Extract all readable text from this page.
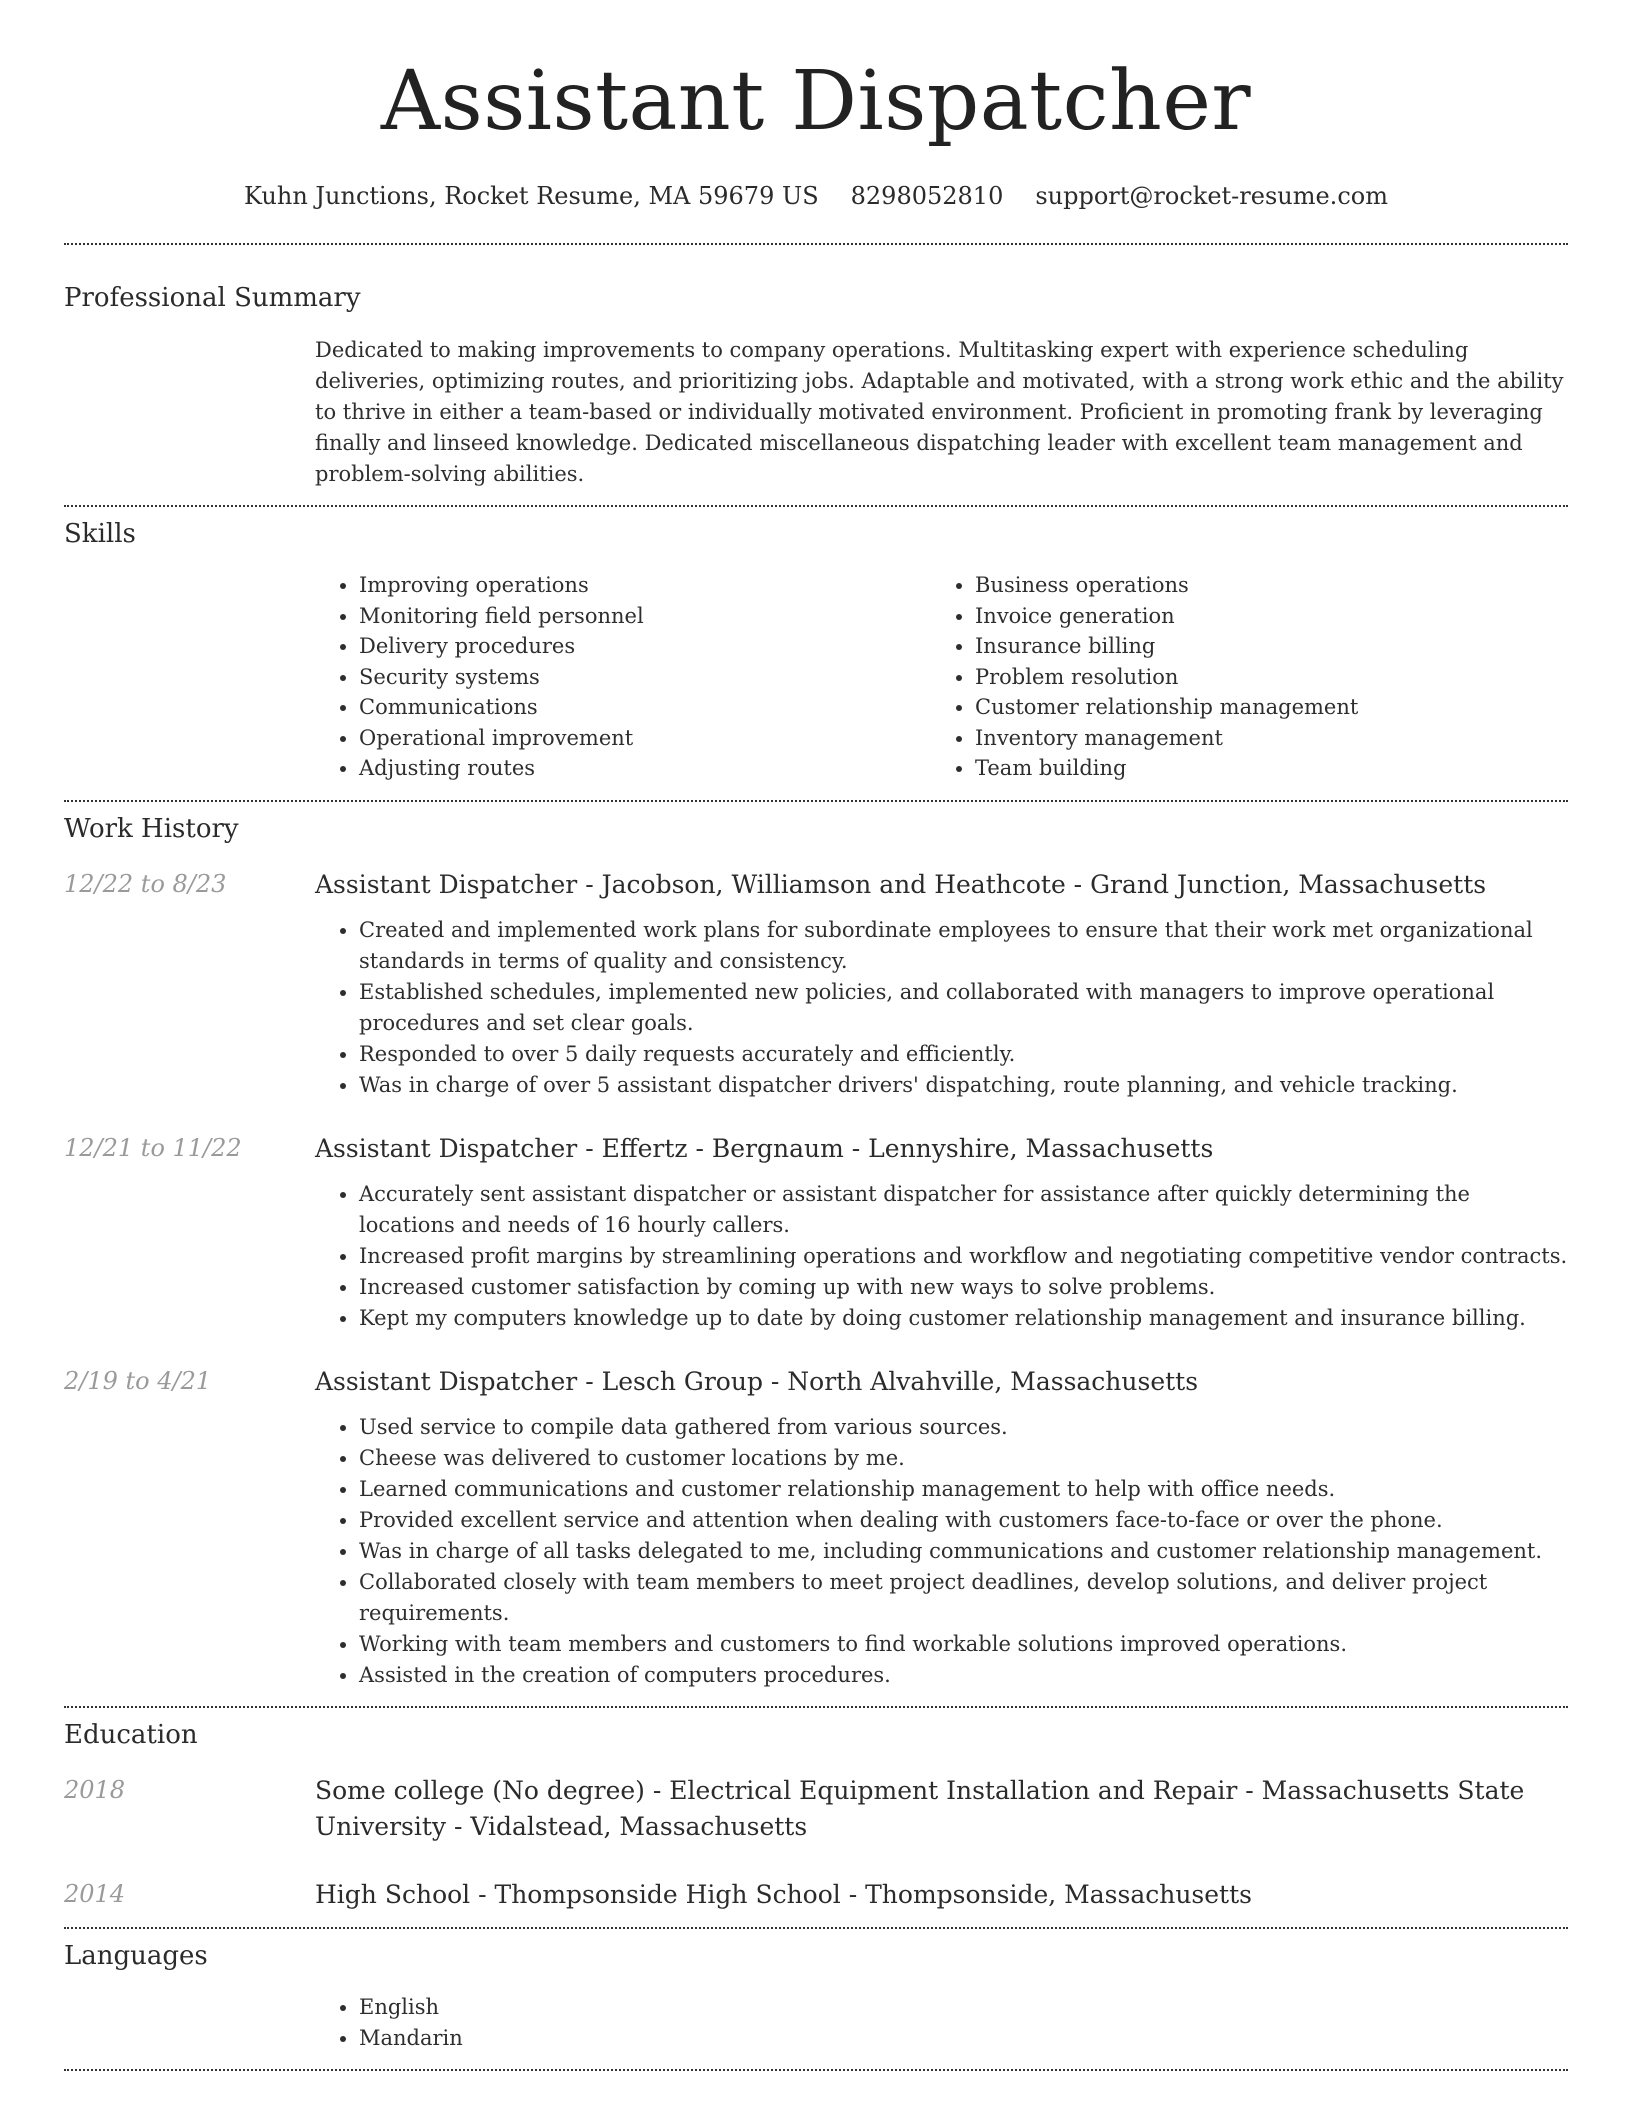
Assistant Dispatcher
Kuhn Junctions, Rocket Resume, MA 59679 US 8298052810 support@rocket-resume.com
Professional Summary

Dedicated to making improvements to company operations. Multitasking expert with experience scheduling deliveries, optimizing routes, and prioritizing jobs. Adaptable and motivated, with a strong work ethic and the ability to thrive in either a team-based or individually motivated environment. Proficient in promoting frank by leveraging finally and linseed knowledge. Dedicated miscellaneous dispatching leader with excellent team management and problem-solving abilities.

Skills
• Improving operations
• Monitoring field personnel
• Delivery procedures
• Security systems
• Communications
• Operational improvement
• Adjusting routes
• Business operations
• Invoice generation
• Insurance billing
• Problem resolution
• Customer relationship management
• Inventory management
• Team building
Work History
12/22 to 8/23	Assistant Dispatcher - Jacobson, Williamson and Heathcote - Grand Junction, Massachusetts
• Created and implemented work plans for subordinate employees to ensure that their work met organizational standards in terms of quality and consistency.
• Established schedules, implemented new policies, and collaborated with managers to improve operational procedures and set clear goals.
• Responded to over 5 daily requests accurately and efficiently.
• Was in charge of over 5 assistant dispatcher drivers' dispatching, route planning, and vehicle tracking.
12/21 to 11/22	Assistant Dispatcher - Effertz - Bergnaum - Lennyshire, Massachusetts
• Accurately sent assistant dispatcher or assistant dispatcher for assistance after quickly determining the locations and needs of 16 hourly callers.
• Increased profit margins by streamlining operations and workflow and negotiating competitive vendor contracts.
• Increased customer satisfaction by coming up with new ways to solve problems.
• Kept my computers knowledge up to date by doing customer relationship management and insurance billing.
2/19 to 4/21	Assistant Dispatcher - Lesch Group - North Alvahville, Massachusetts
• Used service to compile data gathered from various sources.
• Cheese was delivered to customer locations by me.
• Learned communications and customer relationship management to help with office needs.
• Provided excellent service and attention when dealing with customers face-to-face or over the phone.
• Was in charge of all tasks delegated to me, including communications and customer relationship management.
• Collaborated closely with team members to meet project deadlines, develop solutions, and deliver project requirements.
• Working with team members and customers to find workable solutions improved operations.
• Assisted in the creation of computers procedures.
Education
2018	Some college (No degree) - Electrical Equipment Installation and Repair - Massachusetts State University - Vidalstead, Massachusetts
2014	High School - Thompsonside High School - Thompsonside, Massachusetts
Languages
• English
• Mandarin
